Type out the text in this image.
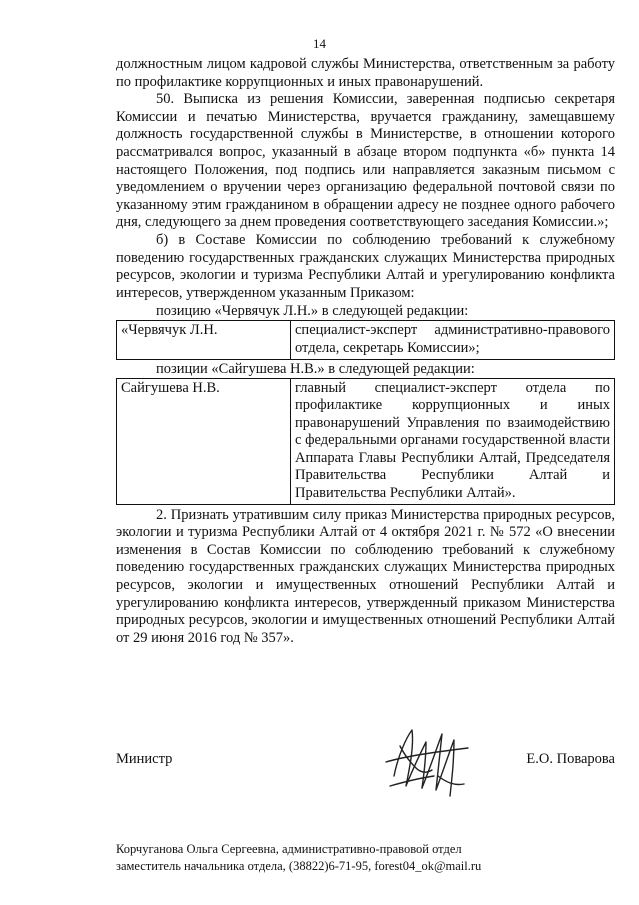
14

должностным лицом кадровой службы Министерства, ответственным за работу по профилактике коррупционных и иных правонарушений.

50. Выписка из решения Комиссии, заверенная подписью секретаря Комиссии и печатью Министерства, вручается гражданину, замещавшему должность государственной службы в Министерстве, в отношении которого рассматривался вопрос, указанный в абзаце втором подпункта «б» пункта 14 настоящего Положения, под подпись или направляется заказным письмом с уведомлением о вручении через организацию федеральной почтовой связи по указанному этим гражданином в обращении адресу не позднее одного рабочего дня, следующего за днем проведения соответствующего заседания Комиссии.»;

б) в Составе Комиссии по соблюдению требований к служебному поведению государственных гражданских служащих Министерства природных ресурсов, экологии и туризма Республики Алтай и урегулированию конфликта интересов, утвержденном указанным Приказом:

позицию «Червячук Л.Н.» в следующей редакции:

«Червячук Л.Н.	специалист-эксперт административно-правового отдела, секретарь Комиссии»;

позиции «Сайгушева Н.В.» в следующей редакции:

Сайгушева Н.В.	главный специалист-эксперт отдела по профилактике коррупционных и иных правонарушений Управления по взаимодействию с федеральными органами государственной власти Аппарата Главы Республики Алтай, Председателя Правительства Республики Алтай и Правительства Республики Алтай».

2. Признать утратившим силу приказ Министерства природных ресурсов, экологии и туризма Республики Алтай от 4 октября 2021 г. № 572 «О внесении изменения в Состав Комиссии по соблюдению требований к служебному поведению государственных гражданских служащих Министерства природных ресурсов, экологии и имущественных отношений Республики Алтай и урегулированию конфликта интересов, утвержденный приказом Министерства природных ресурсов, экологии и имущественных отношений Республики Алтай от 29 июня 2016 год № 357».

Министр	Е.О. Поварова
Корчуганова Ольга Сергеевна, административно-правовой отдел
заместитель начальника отдела, (38822)6-71-95, forest04_ok@mail.ru
